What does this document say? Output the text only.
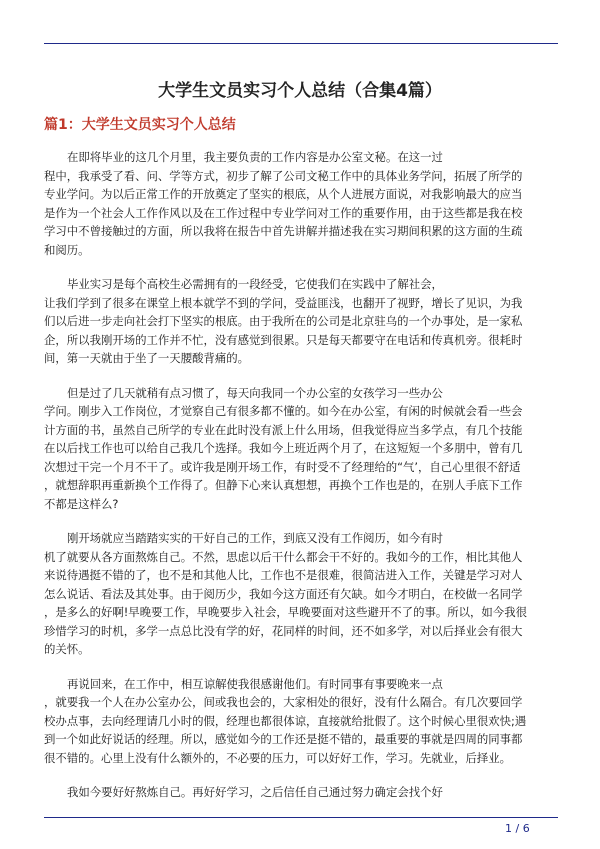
大学生文员实习个人总结（合集4篇）
篇1：大学生文员实习个人总结
在即将毕业的这几个月里，我主要负责的工作内容是办公室文秘。在这一过
程中，我承受了看、问、学等方式，初步了解了公司文秘工作中的具体业务学问，拓展了所学的
专业学问。为以后正常工作的开放奠定了坚实的根底，从个人进展方面说，对我影响最大的应当
是作为一个社会人工作作风以及在工作过程中专业学问对工作的重要作用，由于这些都是我在校
学习中不曾接触过的方面，所以我将在报告中首先讲解并描述我在实习期间积累的这方面的生疏
和阅历。
毕业实习是每个高校生必需拥有的一段经受，它使我们在实践中了解社会，
让我们学到了很多在课堂上根本就学不到的学问，受益匪浅，也翻开了视野，增长了见识，为我
们以后进一步走向社会打下坚实的根底。由于我所在的公司是北京驻乌的一个办事处，是一家私
企，所以我刚开场的工作并不忙，没有感觉到很累。只是每天都要守在电话和传真机旁。很耗时
间，第一天就由于坐了一天腰酸背痛的。
但是过了几天就稍有点习惯了，每天向我同一个办公室的女孩学习一些办公
学问。刚步入工作岗位，才觉察自己有很多都不懂的。如今在办公室，有闲的时候就会看一些会
计方面的书，虽然自己所学的专业在此时没有派上什么用场，但我觉得应当多学点，有几个技能
在以后找工作也可以给自己我几个选择。我如今上班近两个月了，在这短短一个多朋中，曾有几
次想过干完一个月不干了。或许我是刚开场工作，有时受不了经理给的“气’，自己心里很不舒适
，就想辞职再重新换个工作得了。但静下心来认真想想，再换个工作也是的，在别人手底下工作
不都是这样么?
刚开场就应当踏踏实实的干好自己的工作，到底又没有工作阅历，如今有时
机了就要从各方面熬炼自己。不然，思虑以后干什么都会干不好的。我如今的工作，相比其他人
来说待遇挺不错的了，也不是和其他人比，工作也不是很难，很简洁进入工作，关键是学习对人
怎么说话、看法及其处事。由于阅历少，我如今这方面还有欠缺。如今才明白，在校做一名同学
，是多么的好啊!早晚要工作，早晚要步入社会，早晚要面对这些避开不了的事。所以，如今我很
珍惜学习的时机，多学一点总比没有学的好，花同样的时间，还不如多学，对以后择业会有很大
的关怀。
再说回来，在工作中，相互谅解使我很感谢他们。有时同事有事要晚来一点
，就要我一个人在办公室办公，间或我也会的，大家相处的很好，没有什么隔合。有几次要回学
校办点事，去向经理请几小时的假，经理也都很体谅，直接就给批假了。这个时候心里很欢快;遇
到一个如此好说话的经理。所以，感觉如今的工作还是挺不错的，最重要的事就是四周的同事都
很不错的。心里上没有什么额外的，不必要的压力，可以好好工作，学习。先就业，后择业。
我如今要好好熬炼自己。再好好学习，之后信任自己通过努力确定会找个好
1 / 6
